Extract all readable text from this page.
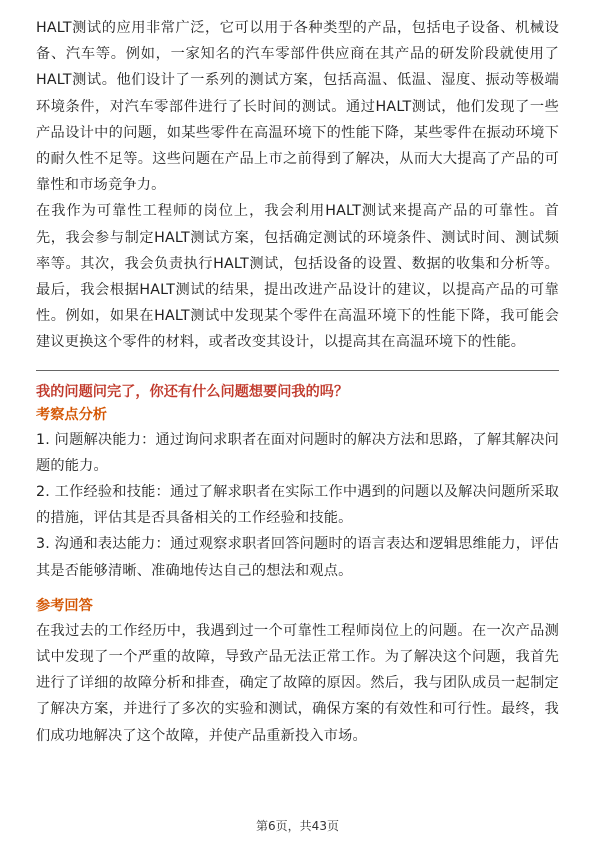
HALT测试的应用非常广泛，它可以用于各种类型的产品，包括电子设备、机械设备、汽车等。例如，一家知名的汽车零部件供应商在其产品的研发阶段就使用了HALT测试。他们设计了一系列的测试方案，包括高温、低温、湿度、振动等极端环境条件，对汽车零部件进行了长时间的测试。通过HALT测试，他们发现了一些产品设计中的问题，如某些零件在高温环境下的性能下降，某些零件在振动环境下的耐久性不足等。这些问题在产品上市之前得到了解决，从而大大提高了产品的可靠性和市场竞争力。

在我作为可靠性工程师的岗位上，我会利用HALT测试来提高产品的可靠性。首先，我会参与制定HALT测试方案，包括确定测试的环境条件、测试时间、测试频率等。其次，我会负责执行HALT测试，包括设备的设置、数据的收集和分析等。最后，我会根据HALT测试的结果，提出改进产品设计的建议，以提高产品的可靠性。例如，如果在HALT测试中发现某个零件在高温环境下的性能下降，我可能会建议更换这个零件的材料，或者改变其设计，以提高其在高温环境下的性能。

我的问题问完了，你还有什么问题想要问我的吗？

考察点分析

1. 问题解决能力：通过询问求职者在面对问题时的解决方法和思路，了解其解决问题的能力。

2. 工作经验和技能：通过了解求职者在实际工作中遇到的问题以及解决问题所采取的措施，评估其是否具备相关的工作经验和技能。

3. 沟通和表达能力：通过观察求职者回答问题时的语言表达和逻辑思维能力，评估其是否能够清晰、准确地传达自己的想法和观点。

参考回答

在我过去的工作经历中，我遇到过一个可靠性工程师岗位上的问题。在一次产品测试中发现了一个严重的故障，导致产品无法正常工作。为了解决这个问题，我首先进行了详细的故障分析和排查，确定了故障的原因。然后，我与团队成员一起制定了解决方案，并进行了多次的实验和测试，确保方案的有效性和可行性。最终，我们成功地解决了这个故障，并使产品重新投入市场。

第6页，共43页
